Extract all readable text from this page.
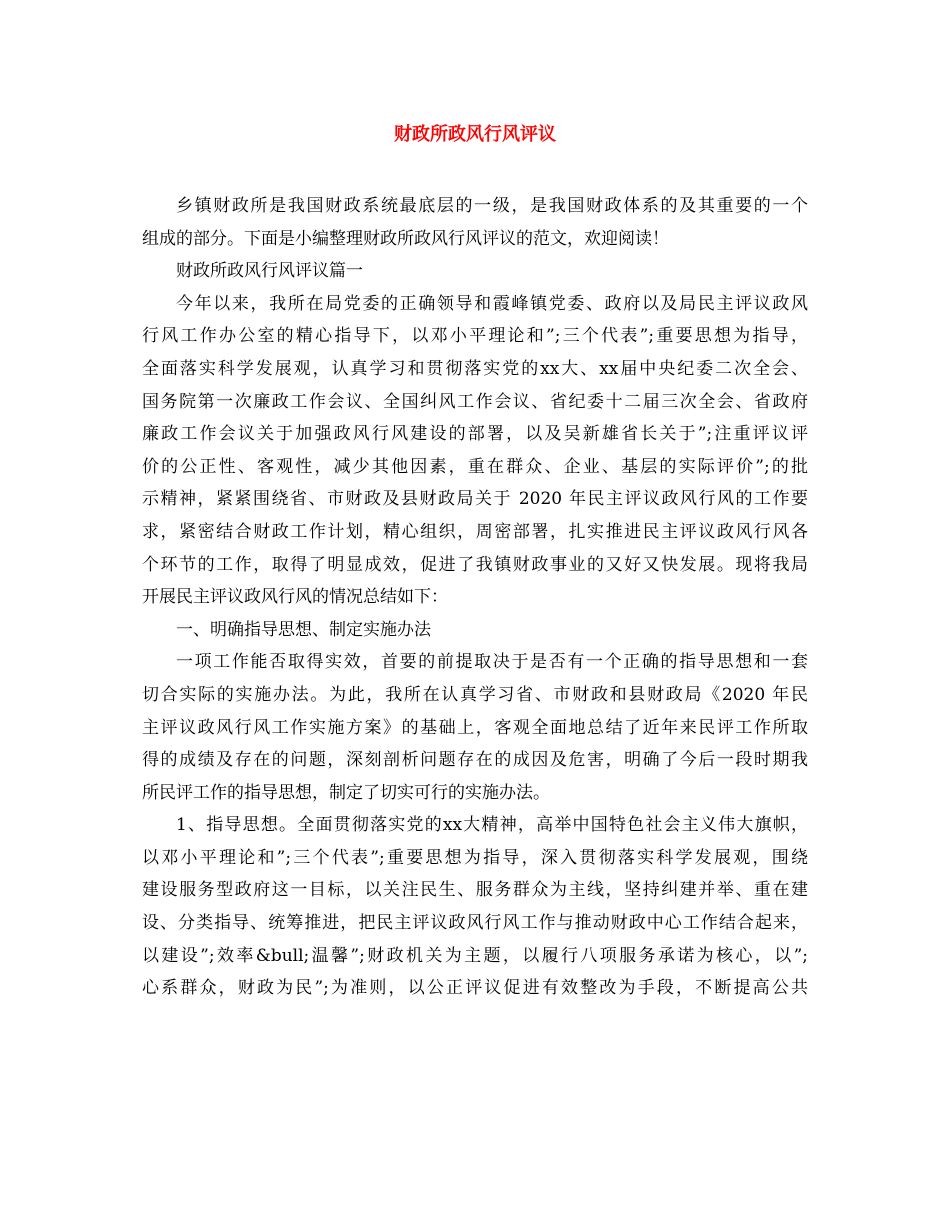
财政所政风行风评议
乡镇财政所是我国财政系统最底层的一级，是我国财政体系的及其重要的一个
组成的部分。下面是小编整理财政所政风行风评议的范文，欢迎阅读！
财政所政风行风评议篇一
今年以来，我所在局党委的正确领导和霞峰镇党委、政府以及局民主评议政风
行风工作办公室的精心指导下，以邓小平理论和”;三个代表”;重要思想为指导，
全面落实科学发展观，认真学习和贯彻落实党的xx大、xx届中央纪委二次全会、
国务院第一次廉政工作会议、全国纠风工作会议、省纪委十二届三次全会、省政府
廉政工作会议关于加强政风行风建设的部署，以及吴新雄省长关于”;注重评议评
价的公正性、客观性，减少其他因素，重在群众、企业、基层的实际评价”;的批
示精神，紧紧围绕省、市财政及县财政局关于 2020 年民主评议政风行风的工作要
求，紧密结合财政工作计划，精心组织，周密部署，扎实推进民主评议政风行风各
个环节的工作，取得了明显成效，促进了我镇财政事业的又好又快发展。现将我局
开展民主评议政风行风的情况总结如下：
一、明确指导思想、制定实施办法
一项工作能否取得实效，首要的前提取决于是否有一个正确的指导思想和一套
切合实际的实施办法。为此，我所在认真学习省、市财政和县财政局《2020 年民
主评议政风行风工作实施方案》的基础上，客观全面地总结了近年来民评工作所取
得的成绩及存在的问题，深刻剖析问题存在的成因及危害，明确了今后一段时期我
所民评工作的指导思想，制定了切实可行的实施办法。
1、指导思想。全面贯彻落实党的xx大精神，高举中国特色社会主义伟大旗帜，
以邓小平理论和”;三个代表”;重要思想为指导，深入贯彻落实科学发展观，围绕
建设服务型政府这一目标，以关注民生、服务群众为主线，坚持纠建并举、重在建
设、分类指导、统筹推进，把民主评议政风行风工作与推动财政中心工作结合起来，
以建设”;效率&bull;温馨”;财政机关为主题，以履行八项服务承诺为核心，以”;
心系群众，财政为民”;为准则，以公正评议促进有效整改为手段，不断提高公共
